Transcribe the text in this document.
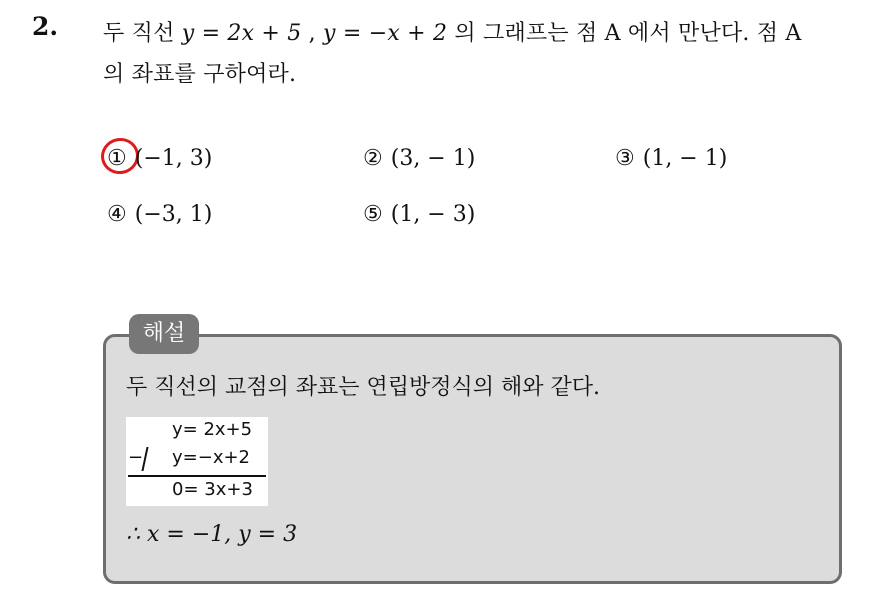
2. 두 직선 y = 2x + 5 , y = −x + 2 의 그래프는 점 A 에서 만난다. 점 A
의 좌표를 구하여라.
① (−1, 3)	② (3, − 1)	③ (1, − 1)
④ (−3, 1)	⑤ (1, − 3)
해설
두 직선의 교점의 좌표는 연립방정식의 해와 같다.
y= 2x+5
− y=−x+2
0= 3x+3
∴ x = −1, y = 3
